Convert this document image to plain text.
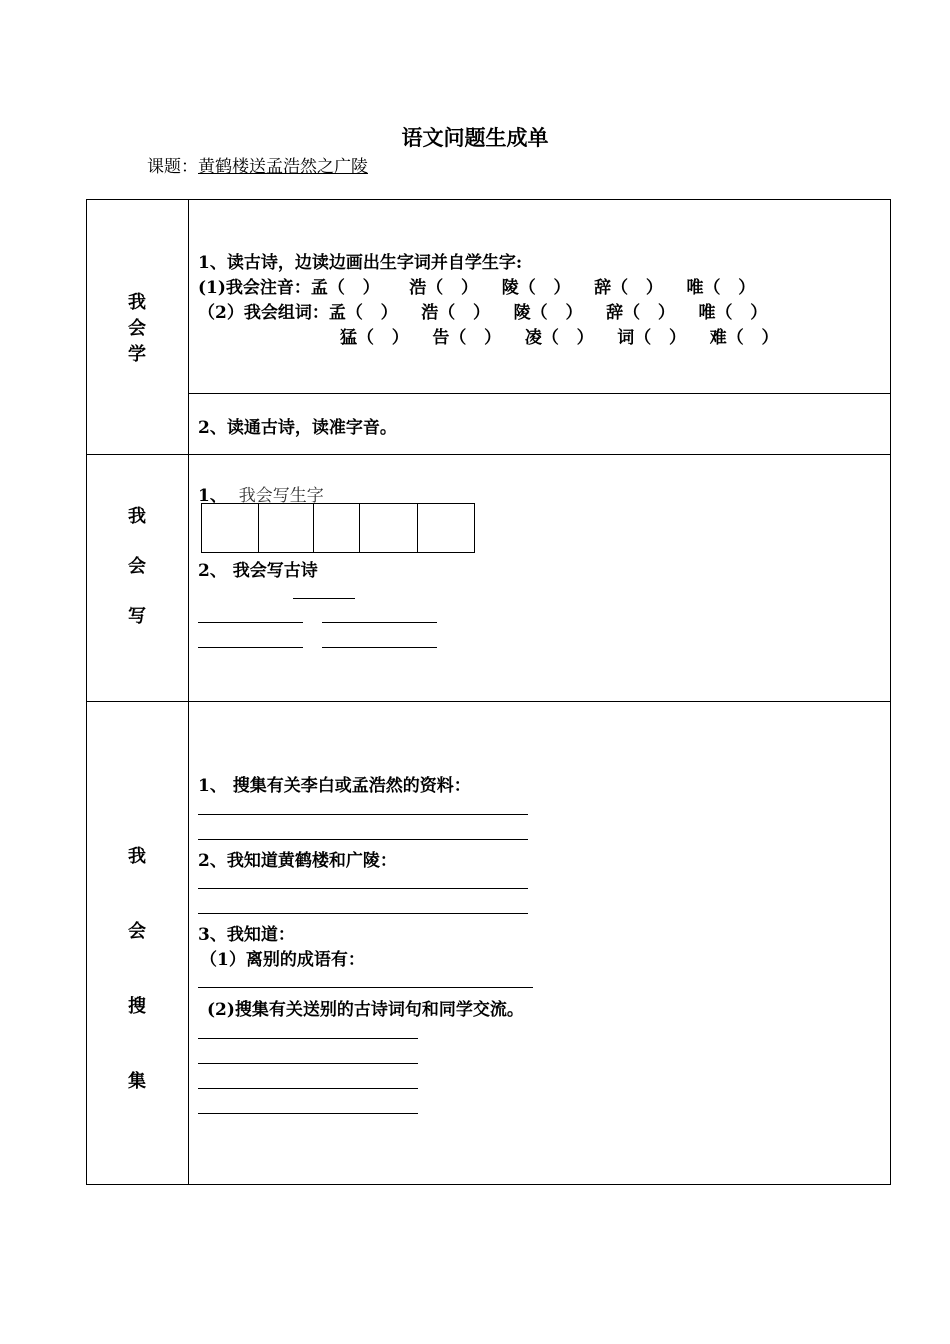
语文问题生成单
课题：黄鹤楼送孟浩然之广陵
我
会
学
1、读古诗，边读边画出生字词并自学生字:
(1)我会注音：孟（   ）     浩（   ）    陵（   ）    辞（   ）    唯（   ）
（2）我会组词：孟（   ）    浩（   ）    陵（   ）    辞（   ）    唯（   ）
猛（   ）    告（   ）    凌（   ）    词（   ）    难（   ）
2、读通古诗，读准字音。
我
会
写
1、 我会写生字
2、 我会写古诗
我
会
搜
集
1、 搜集有关李白或孟浩然的资料：
2、我知道黄鹤楼和广陵：
3、我知道：
（1）离别的成语有：
(2)搜集有关送别的古诗词句和同学交流。
